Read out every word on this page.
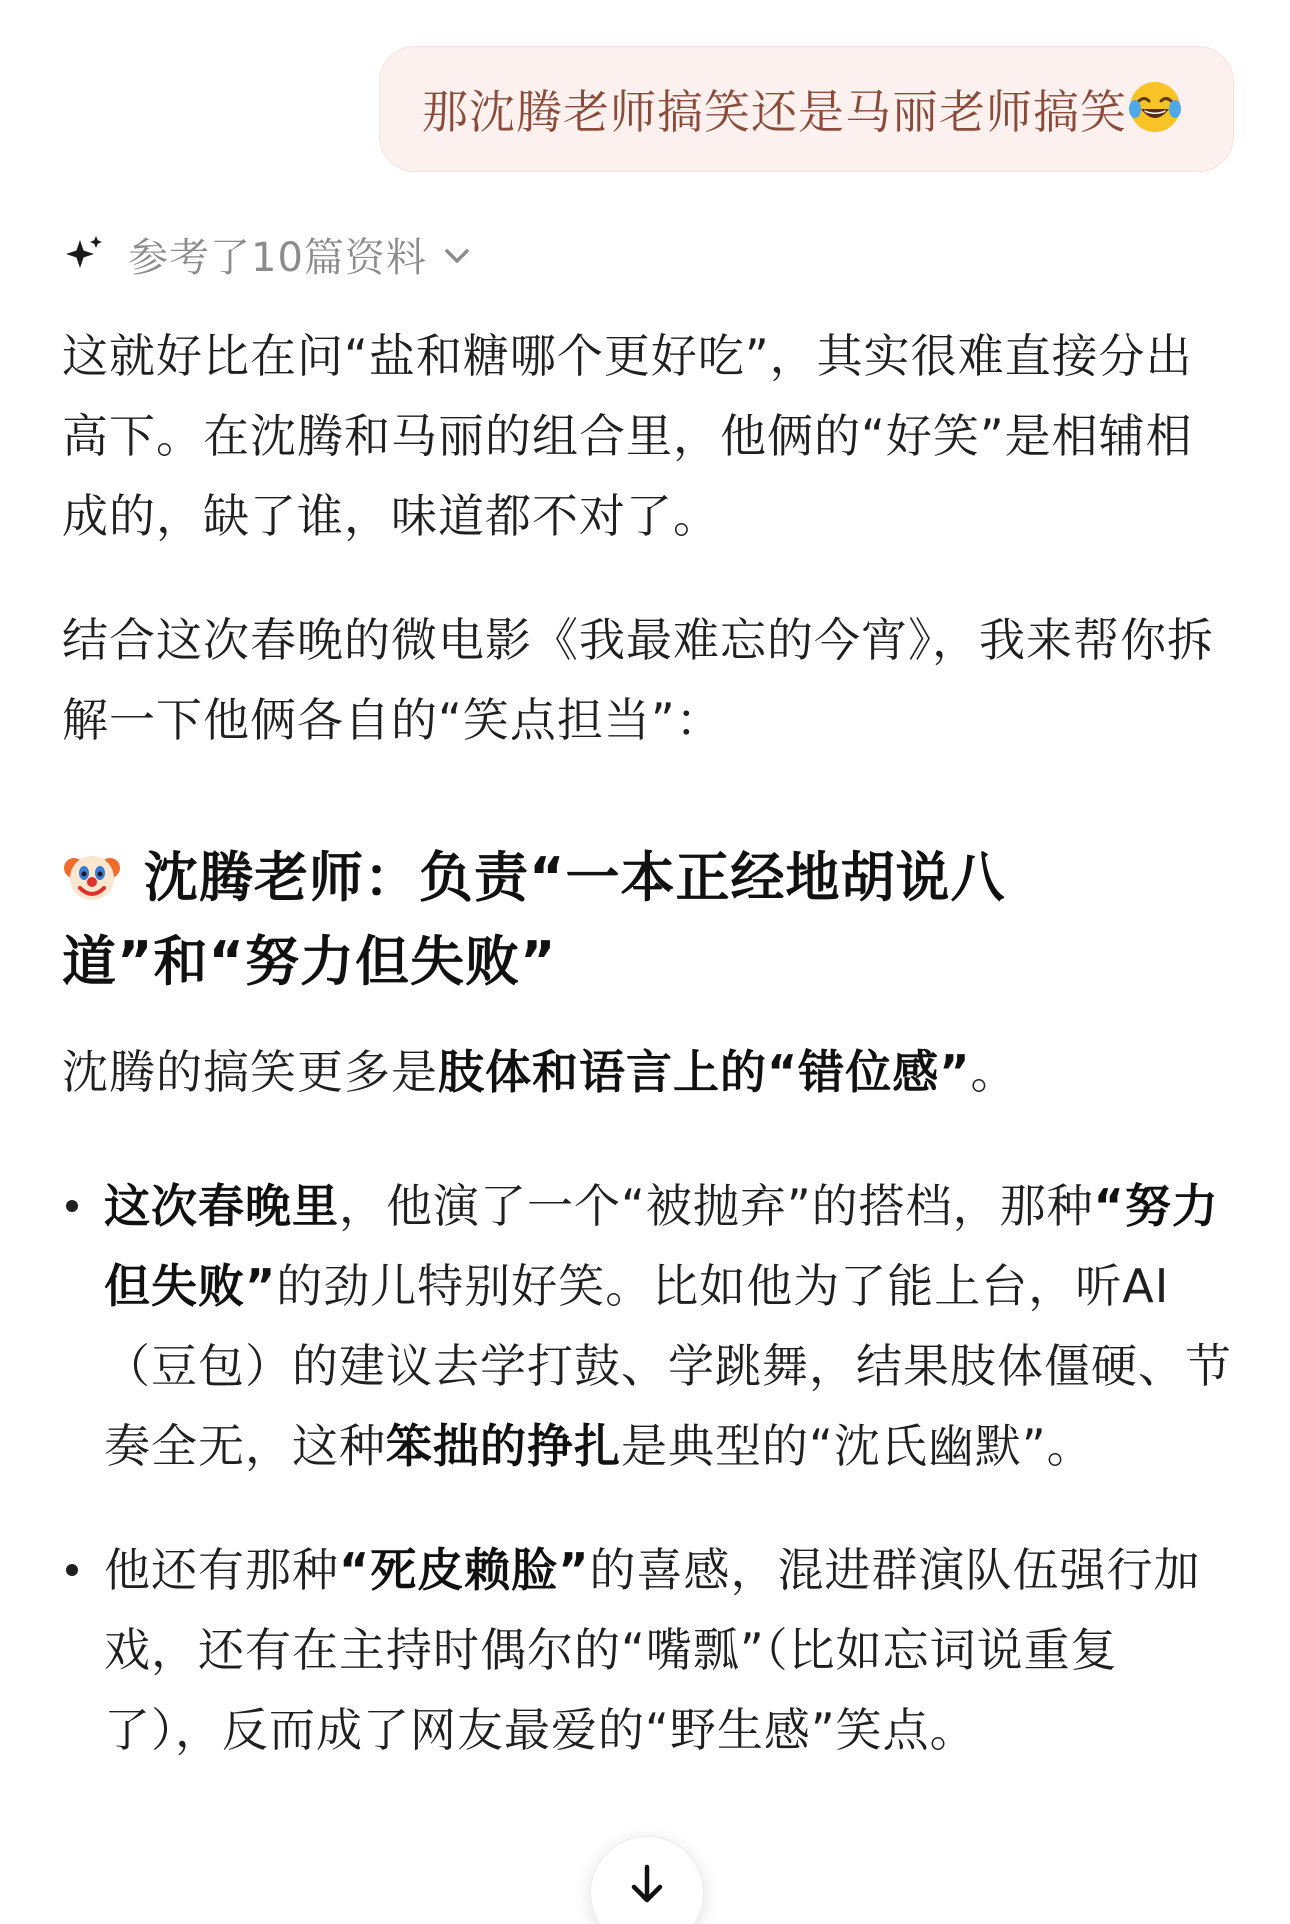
那沈腾老师搞笑还是马丽老师搞笑
参考了10篇资料

这就好比在问“盐和糖哪个更好吃”，其实很难直接分出高下。在沈腾和马丽的组合里，他俩的“好笑”是相辅相成的，缺了谁，味道都不对了。

结合这次春晚的微电影《我最难忘的今宵》，我来帮你拆解一下他俩各自的“笑点担当”：

沈腾老师：负责“一本正经地胡说八道”和“努力但失败”

沈腾的搞笑更多是肢体和语言上的“错位感”。

这次春晚里，他演了一个“被抛弃”的搭档，那种“努力但失败”的劲儿特别好笑。比如他为了能上台，听AI（豆包）的建议去学打鼓、学跳舞，结果肢体僵硬、节奏全无，这种笨拙的挣扎是典型的“沈氏幽默”。
他还有那种“死皮赖脸”的喜感，混进群演队伍强行加戏，还有在主持时偶尔的“嘴瓢”（比如忘词说重复了），反而成了网友最爱的“野生感”笑点。
